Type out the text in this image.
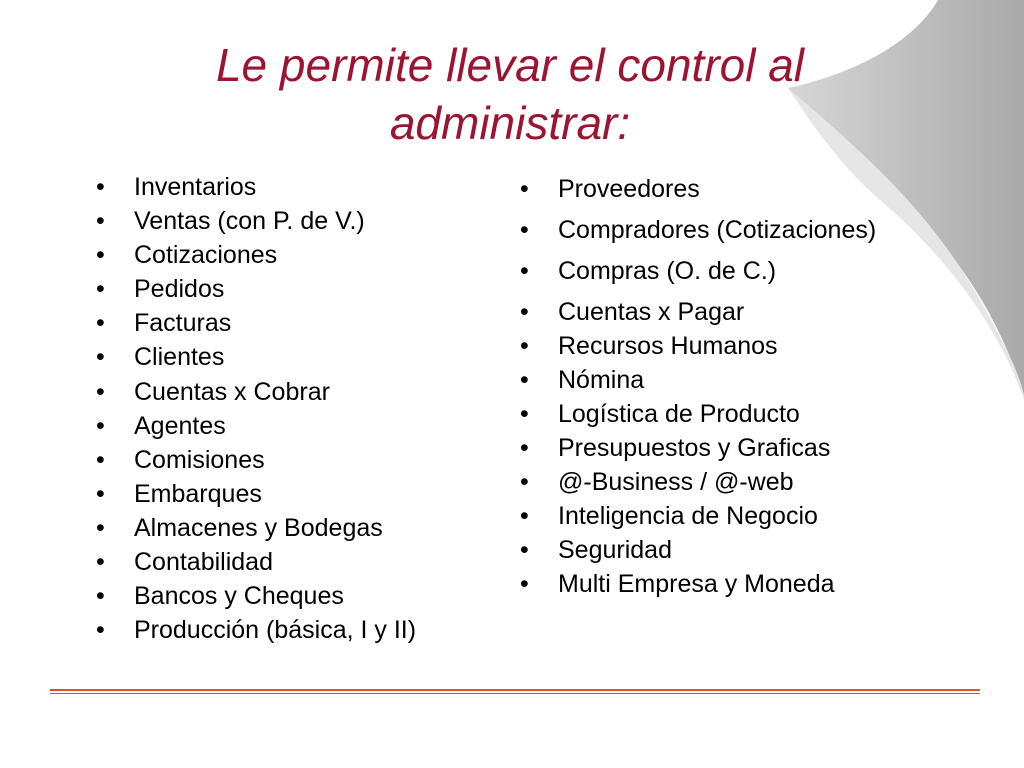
Le permite llevar el control al administrar:
• Inventarios
• Ventas (con P. de V.)
• Cotizaciones
• Pedidos
• Facturas
• Clientes
• Cuentas x Cobrar
• Agentes
• Comisiones
• Embarques
• Almacenes y Bodegas
• Contabilidad
• Bancos y Cheques
• Producción (básica, I y II)
• Proveedores
• Compradores (Cotizaciones)
• Compras (O. de C.)
• Cuentas x Pagar
• Recursos Humanos
• Nómina
• Logística de Producto
• Presupuestos y Graficas
• @-Business / @-web
• Inteligencia de Negocio
• Seguridad
• Multi Empresa y Moneda
